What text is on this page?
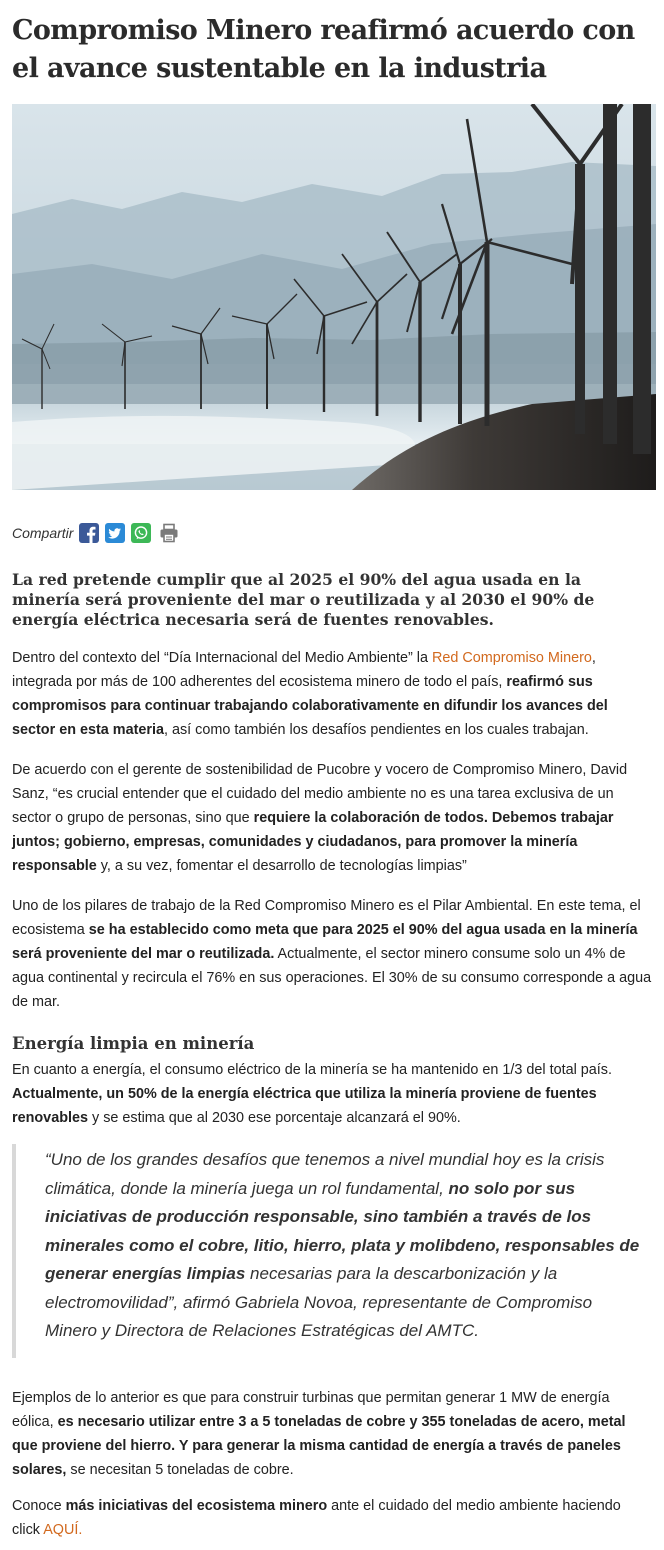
Compromiso Minero reafirmó acuerdo con
el avance sustentable en la industria
Compartir
La red pretende cumplir que al 2025 el 90% del agua usada en la minería será proveniente del mar o reutilizada y al 2030 el 90% de energía eléctrica necesaria será de fuentes renovables.

Dentro del contexto del “Día Internacional del Medio Ambiente” la Red Compromiso Minero, integrada por más de 100 adherentes del ecosistema minero de todo el país, reafirmó sus compromisos para continuar trabajando colaborativamente en difundir los avances del sector en esta materia, así como también los desafíos pendientes en los cuales trabajan.

De acuerdo con el gerente de sostenibilidad de Pucobre y vocero de Compromiso Minero, David Sanz, “es crucial entender que el cuidado del medio ambiente no es una tarea exclusiva de un sector o grupo de personas, sino que requiere la colaboración de todos. Debemos trabajar juntos; gobierno, empresas, comunidades y ciudadanos, para promover la minería responsable y, a su vez, fomentar el desarrollo de tecnologías limpias”

Uno de los pilares de trabajo de la Red Compromiso Minero es el Pilar Ambiental. En este tema, el ecosistema se ha establecido como meta que para 2025 el 90% del agua usada en la minería será proveniente del mar o reutilizada. Actualmente, el sector minero consume solo un 4% de agua continental y recircula el 76% en sus operaciones. El 30% de su consumo corresponde a agua de mar.

Energía limpia en minería

En cuanto a energía, el consumo eléctrico de la minería se ha mantenido en 1/3 del total país. Actualmente, un 50% de la energía eléctrica que utiliza la minería proviene de fuentes renovables y se estima que al 2030 ese porcentaje alcanzará el 90%.

“Uno de los grandes desafíos que tenemos a nivel mundial hoy es la crisis climática, donde la minería juega un rol fundamental, no solo por sus iniciativas de producción responsable, sino también a través de los minerales como el cobre, litio, hierro, plata y molibdeno, responsables de generar energías limpias necesarias para la descarbonización y la electromovilidad”, afirmó Gabriela Novoa, representante de Compromiso Minero y Directora de Relaciones Estratégicas del AMTC.

Ejemplos de lo anterior es que para construir turbinas que permitan generar 1 MW de energía eólica, es necesario utilizar entre 3 a 5 toneladas de cobre y 355 toneladas de acero, metal que proviene del hierro. Y para generar la misma cantidad de energía a través de paneles solares, se necesitan 5 toneladas de cobre.

Conoce más iniciativas del ecosistema minero ante el cuidado del medio ambiente haciendo click AQUÍ.
